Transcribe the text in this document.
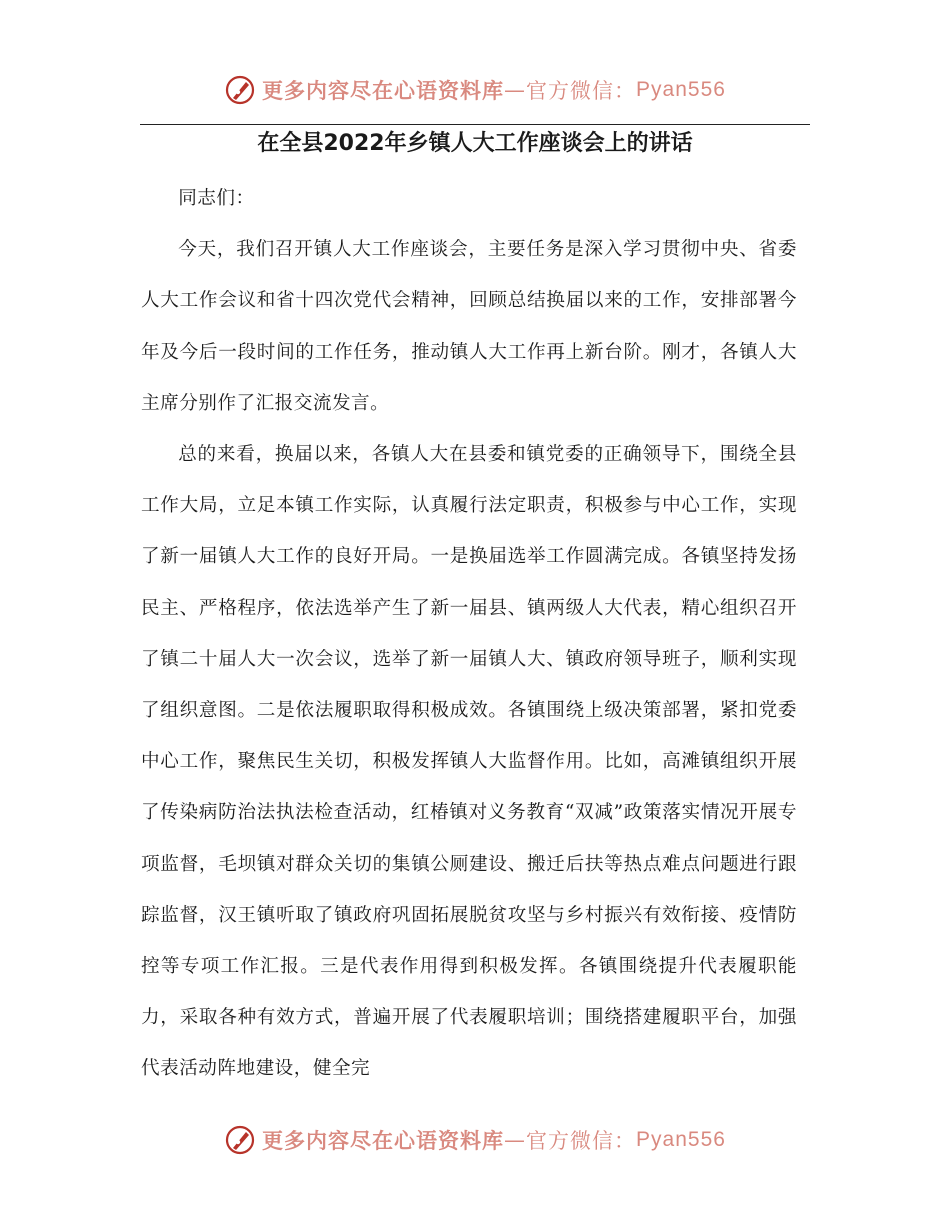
更多内容尽在心语资料库 — 官方微信： Pyan556
在全县2022年乡镇人大工作座谈会上的讲话

同志们：

今天，我们召开镇人大工作座谈会，主要任务是深入学习贯彻中央、省委人大工作会议和省十四次党代会精神，回顾总结换届以来的工作，安排部署今年及今后一段时间的工作任务，推动镇人大工作再上新台阶。刚才，各镇人大主席分别作了汇报交流发言。

总的来看，换届以来，各镇人大在县委和镇党委的正确领导下，围绕全县工作大局，立足本镇工作实际，认真履行法定职责，积极参与中心工作，实现了新一届镇人大工作的良好开局。一是换届选举工作圆满完成。各镇坚持发扬民主、严格程序，依法选举产生了新一届县、镇两级人大代表，精心组织召开了镇二十届人大一次会议，选举了新一届镇人大、镇政府领导班子，顺利实现了组织意图。二是依法履职取得积极成效。各镇围绕上级决策部署，紧扣党委中心工作，聚焦民生关切，积极发挥镇人大监督作用。比如，高滩镇组织开展了传染病防治法执法检查活动，红椿镇对义务教育“双减”政策落实情况开展专项监督，毛坝镇对群众关切的集镇公厕建设、搬迁后扶等热点难点问题进行跟踪监督，汉王镇听取了镇政府巩固拓展脱贫攻坚与乡村振兴有效衔接、疫情防控等专项工作汇报。三是代表作用得到积极发挥。各镇围绕提升代表履职能力，采取各种有效方式，普遍开展了代表履职培训；围绕搭建履职平台，加强代表活动阵地建设，健全完

更多内容尽在心语资料库 — 官方微信： Pyan556
